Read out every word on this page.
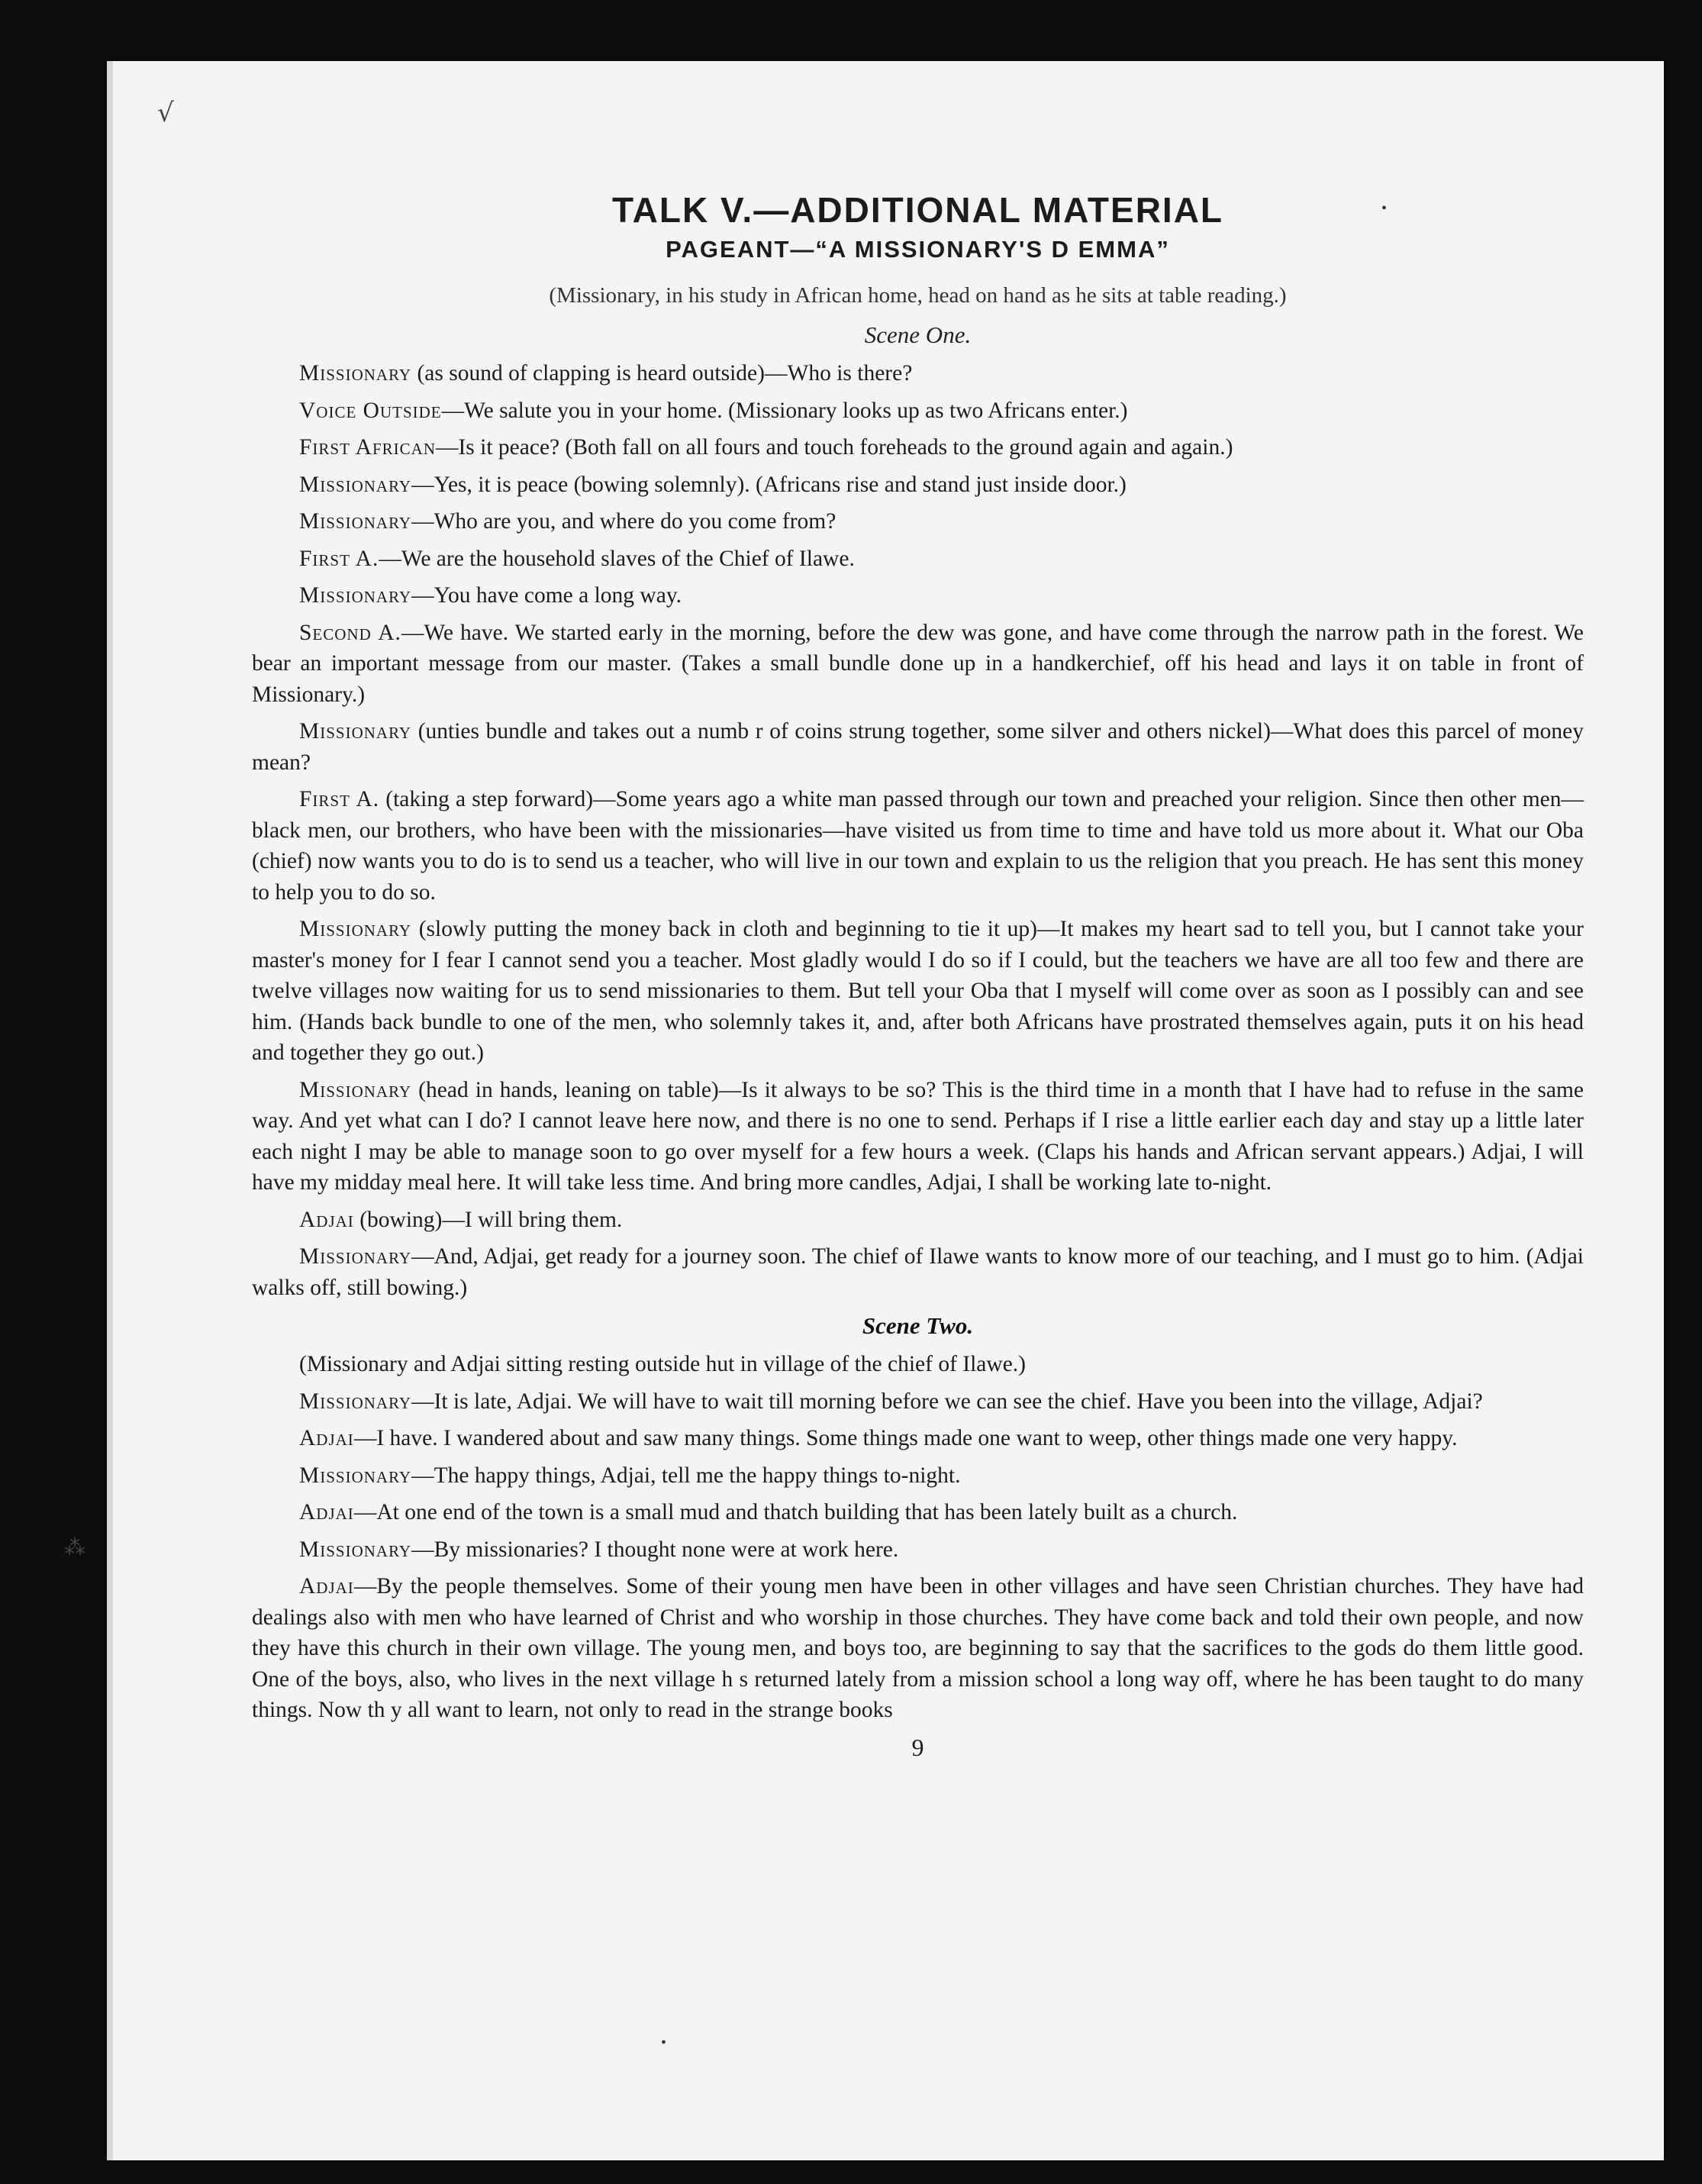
√
⁂
•
•
TALK V.—ADDITIONAL MATERIAL
PAGEANT—“A MISSIONARY'S D EMMA”

(Missionary, in his study in African home, head on hand as he sits at table reading.)

Scene One.

Missionary (as sound of clapping is heard outside)—Who is there?

Voice Outside—We salute you in your home. (Missionary looks up as two Africans enter.)

First African—Is it peace? (Both fall on all fours and touch foreheads to the ground again and again.)

Missionary—Yes, it is peace (bowing solemnly). (Africans rise and stand just inside door.)

Missionary—Who are you, and where do you come from?

First A.—We are the household slaves of the Chief of Ilawe.

Missionary—You have come a long way.

Second A.—We have. We started early in the morning, before the dew was gone, and have come through the narrow path in the forest. We bear an important message from our master. (Takes a small bundle done up in a handkerchief, off his head and lays it on table in front of Missionary.)

Missionary (unties bundle and takes out a numb r of coins strung together, some silver and others nickel)—What does this parcel of money mean?

First A. (taking a step forward)—Some years ago a white man passed through our town and preached your religion. Since then other men—black men, our brothers, who have been with the missionaries—have visited us from time to time and have told us more about it. What our Oba (chief) now wants you to do is to send us a teacher, who will live in our town and explain to us the religion that you preach. He has sent this money to help you to do so.

Missionary (slowly putting the money back in cloth and beginning to tie it up)—It makes my heart sad to tell you, but I cannot take your master's money for I fear I cannot send you a teacher. Most gladly would I do so if I could, but the teachers we have are all too few and there are twelve villages now waiting for us to send missionaries to them. But tell your Oba that I myself will come over as soon as I possibly can and see him. (Hands back bundle to one of the men, who solemnly takes it, and, after both Africans have prostrated themselves again, puts it on his head and together they go out.)

Missionary (head in hands, leaning on table)—Is it always to be so? This is the third time in a month that I have had to refuse in the same way. And yet what can I do? I cannot leave here now, and there is no one to send. Perhaps if I rise a little earlier each day and stay up a little later each night I may be able to manage soon to go over myself for a few hours a week. (Claps his hands and African servant appears.) Adjai, I will have my midday meal here. It will take less time. And bring more candles, Adjai, I shall be working late to-night.

Adjai (bowing)—I will bring them.

Missionary—And, Adjai, get ready for a journey soon. The chief of Ilawe wants to know more of our teaching, and I must go to him. (Adjai walks off, still bowing.)

Scene Two.

(Missionary and Adjai sitting resting outside hut in village of the chief of Ilawe.)

Missionary—It is late, Adjai. We will have to wait till morning before we can see the chief. Have you been into the village, Adjai?

Adjai—I have. I wandered about and saw many things. Some things made one want to weep, other things made one very happy.

Missionary—The happy things, Adjai, tell me the happy things to-night.

Adjai—At one end of the town is a small mud and thatch building that has been lately built as a church.

Missionary—By missionaries? I thought none were at work here.

Adjai—By the people themselves. Some of their young men have been in other villages and have seen Christian churches. They have had dealings also with men who have learned of Christ and who worship in those churches. They have come back and told their own people, and now they have this church in their own village. The young men, and boys too, are beginning to say that the sacrifices to the gods do them little good. One of the boys, also, who lives in the next village h s returned lately from a mission school a long way off, where he has been taught to do many things. Now th y all want to learn, not only to read in the strange books

9
